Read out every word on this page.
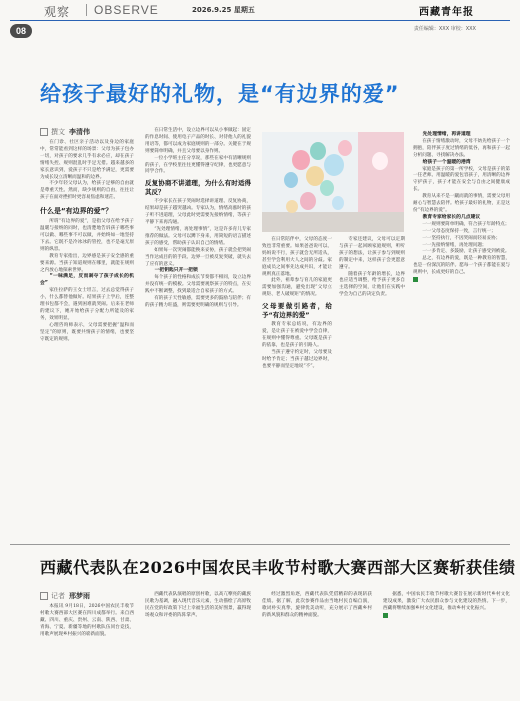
观察 OBSERVE	2026.9.25 星期五	西藏青年报
08	责任编辑：XXX 审校：XXX
给孩子最好的礼物，是“有边界的爱”
撰文 李清伟

在门诊、社区亲子活动以及身边的家庭中，常常能看到这样的场景：父母为孩子包办一切，对孩子的要求几乎有求必应，却在孩子情绪失控、规则混乱时手足无措。越来越多的家长意识到，爱孩子不只是给予满足，更需要为成长设立清晰而温和的边界。

不少年轻父母认为，给孩子足够的自由就是尊重天性。然而，缺少规则的自由，往往让孩子在面对挫折时更容易焦虑和迷茫。

什么是“有边界的爱”？

所谓“有边界的爱”，是指父母在给予孩子温暖与接纳的同时，也清楚地告诉孩子哪些事可以做、哪些事不可以做，并始终如一地坚持下去。它既不是冷冰冰的管控，也不是毫无原则的纵容。

教育专家指出，边界感是孩子安全感的重要来源。当孩子知道规则在哪里，就能在规则之内放心地探索世界。

“一味满足，反而剥夺了孩子成长的机会”

家住拉萨的王女士坦言，过去总觉得孩子小，什么都替他做好。结果孩子上学后，连整理书包都不会，遇到困难就哭闹。后来在老师的建议下，她开始给孩子分配力所能及的家务，效果明显。

心理咨询师表示，父母需要把握“温和而坚定”的原则，既要共情孩子的情绪，也要坚守既定的规则。

在日常生活中，设立边界可以从小事做起：固定的作息时间、使用电子产品的时长、对待他人的礼貌用语等，都可以成为家庭规则的一部分。关键在于规则要简单明确，并且父母要以身作则。

一位小学班主任分享说，那些在家中有清晰规则的孩子，在学校里往往更懂得遵守纪律，也更愿意与同学合作。

反复协商不讲道理，为什么有时适得其反？

不少家长在孩子哭闹时选择讲道理、反复协商，结果却是孩子越哭越凶。专家认为，情绪高涨时的孩子听不进道理，父母此时更需要先接纳情绪，等孩子平静下来再沟通。

“先处理情绪，再处理事情”，这是许多育儿专家推荐的做法。父母可以蹲下身来，用简短的语言描述孩子的感受，帮助孩子认识自己的情绪。

如果每一次哭闹都能换来妥协，孩子就会把哭闹当作达成目的的手段。边界一旦被反复突破，就失去了应有的意义。

一把钥匙只开一把锁

每个孩子的性格和成长节奏都不相同，设立边界并没有统一的模板。父母需要观察孩子的特点，在实践中不断调整，找到最适合自家孩子的方式。

有的孩子天性敏感，需要更多的鼓励与陪伴；有的孩子精力旺盛，则需要更明确的规则与引导。

在日常陪伴中，父母的态度一致也非常重要。如果爸爸说可以、妈妈说不行，孩子就会无所适从，甚至学会利用大人之间的分歧。家庭成员之间事先达成共识，才能让规则真正落地。

此外，祖辈参与育儿的家庭更需要加强沟通，避免出现“父母立规矩、老人破规矩”的情况。

父母要做引路者，给予“有边界的爱”

教育专家总结说，有边界的爱，是让孩子在被爱中学会自律，在规则中懂得尊重。父母既是孩子的依靠，也是孩子的引路人。

当孩子遵守约定时，父母要及时给予肯定；当孩子越过边界时，也要平静而坚定地说“不”。

专家还建议，父母可以定期与孩子一起回顾家庭规则，听听孩子的想法，让孩子参与到规则的制定中来，这样孩子会更愿意遵守。

随着孩子年龄的增长，边界也应适当调整，给予孩子更多自主选择的空间，让他们在实践中学会为自己的决定负责。

先处理情绪，再讲道理

在孩子情绪激动时，父母不妨先给孩子一个拥抱，陪伴孩子度过情绪的低谷，再和孩子一起分析问题、寻找解决办法。

给孩子一个温暖的港湾

家庭是孩子的第一所学校，父母是孩子的第一任老师。用温暖的爱包容孩子，用清晰的边界守护孩子，孩子才能在安全与自由之间健康成长。

教育从来不是一蹴而就的事情，需要父母用耐心与智慧去陪伴。给孩子最好的礼物，正是这份“有边界的爱”。

教育专家给家长的几点建议

一一规则要简单明确，符合孩子年龄特点；

一一父母态度保持一致，言行统一；

一一坚持执行，不因哭闹而轻易妥协；

一一先接纳情绪，再处理问题；

一一多肯定、多鼓励，让孩子感受到被爱。

总之，有边界的爱，既是一种教育的智慧，也是一份深沉的陪伴。愿每一个孩子都能在爱与规则中，长成更好的自己。

西藏代表队在2026中国农民丰收节村歌大赛西部大区赛斩获佳绩
记者 邢梦雨

本报讯 9月18日，2026中国农民丰收节村歌大赛西部大区赛在四川成都举行。来自西藏、四川、重庆、贵州、云南、陕西、甘肃、青海、宁夏、新疆等地的村歌队伍同台竞技，用歌声展现乡村振兴的崭新面貌。

西藏代表队演唱的原创村歌，以高亢嘹亮的藏族民歌为基调，融入现代音乐元素，生动描绘了高原牧民在党的好政策下过上幸福生活的美好图景，赢得现场观众和评委的阵阵掌声。

经过激烈角逐，西藏代表队凭借精彩的表现斩获佳绩。据了解，此次参赛作品由当地村民自编自演，歌词朴实真挚，旋律优美动听，充分展示了西藏乡村的新风貌和群众的精神面貌。

据悉，中国农民丰收节村歌大赛旨在展示新时代乡村文化建设成果，激发广大农民群众参与文化建设的热情。下一步，西藏将继续加强乡村文化建设，推动乡村文化振兴。
